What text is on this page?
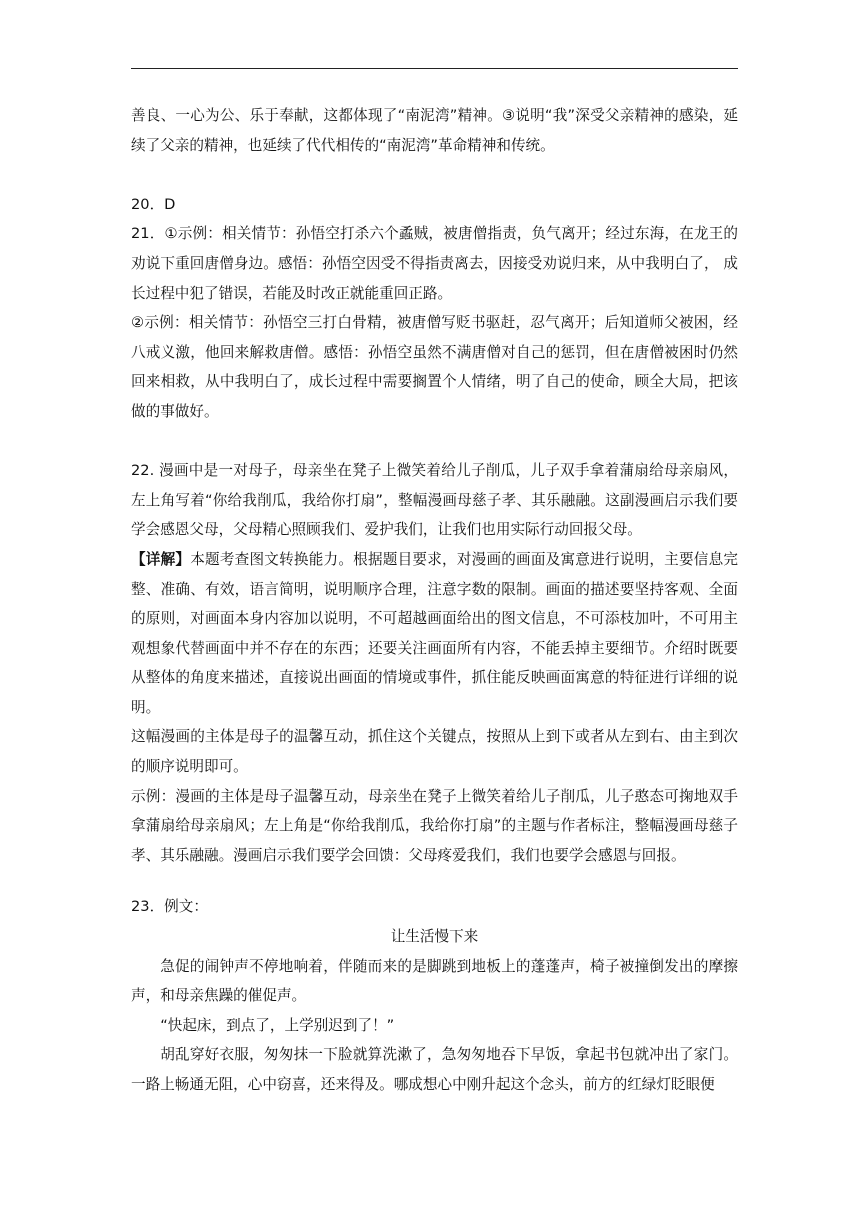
善良、一心为公、乐于奉献，这都体现了“南泥湾”精神。③说明“我”深受父亲精神的感染，延续了父亲的精神，也延续了代代相传的“南泥湾”革命精神和传统。

20．D

21．①示例：相关情节：孙悟空打杀六个蟊贼，被唐僧指责，负气离开；经过东海，在龙王的劝说下重回唐僧身边。感悟：孙悟空因受不得指责离去，因接受劝说归来，从中我明白了， 成长过程中犯了错误，若能及时改正就能重回正路。

②示例：相关情节：孙悟空三打白骨精，被唐僧写贬书驱赶，忍气离开；后知道师父被困，经八戒义激，他回来解救唐僧。感悟：孙悟空虽然不满唐僧对自己的惩罚，但在唐僧被困时仍然回来相救，从中我明白了，成长过程中需要搁置个人情绪，明了自己的使命，顾全大局，把该做的事做好。

22. 漫画中是一对母子，母亲坐在凳子上微笑着给儿子削瓜，儿子双手拿着蒲扇给母亲扇风，左上角写着“你给我削瓜，我给你打扇”，整幅漫画母慈子孝、其乐融融。这副漫画启示我们要学会感恩父母，父母精心照顾我们、爱护我们，让我们也用实际行动回报父母。

【详解】本题考查图文转换能力。根据题目要求，对漫画的画面及寓意进行说明，主要信息完整、准确、有效，语言简明，说明顺序合理，注意字数的限制。画面的描述要坚持客观、全面的原则，对画面本身内容加以说明，不可超越画面给出的图文信息，不可添枝加叶，不可用主观想象代替画面中并不存在的东西；还要关注画面所有内容，不能丢掉主要细节。介绍时既要从整体的角度来描述，直接说出画面的情境或事件，抓住能反映画面寓意的特征进行详细的说明。

这幅漫画的主体是母子的温馨互动，抓住这个关键点，按照从上到下或者从左到右、由主到次的顺序说明即可。

示例：漫画的主体是母子温馨互动，母亲坐在凳子上微笑着给儿子削瓜，儿子憨态可掬地双手拿蒲扇给母亲扇风；左上角是“你给我削瓜，我给你打扇”的主题与作者标注，整幅漫画母慈子孝、其乐融融。漫画启示我们要学会回馈：父母疼爱我们，我们也要学会感恩与回报。

23．例文：

让生活慢下来

急促的闹钟声不停地响着，伴随而来的是脚跳到地板上的蓬蓬声，椅子被撞倒发出的摩擦声，和母亲焦躁的催促声。

“快起床，到点了，上学别迟到了！”

胡乱穿好衣服，匆匆抹一下脸就算洗漱了，急匆匆地吞下早饭，拿起书包就冲出了家门。一路上畅通无阻，心中窃喜，还来得及。哪成想心中刚升起这个念头，前方的红绿灯眨眼便
